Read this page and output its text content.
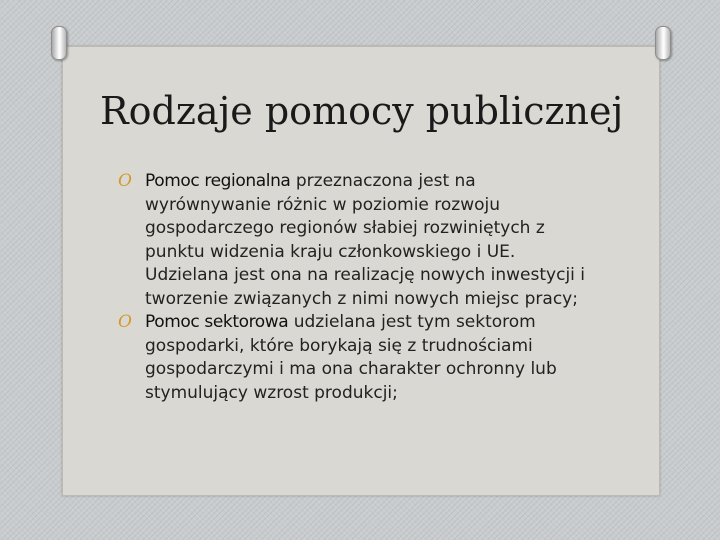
Rodzaje pomocy publicznej
O Pomoc regionalna przeznaczona jest na wyrównywanie różnic w poziomie rozwoju gospodarczego regionów słabiej rozwiniętych z punktu widzenia kraju członkowskiego i UE. Udzielana jest ona na realizację nowych inwestycji i tworzenie związanych z nimi nowych miejsc pracy;
O Pomoc sektorowa udzielana jest tym sektorom gospodarki, które borykają się z trudnościami gospodarczymi i ma ona charakter ochronny lub stymulujący wzrost produkcji;
